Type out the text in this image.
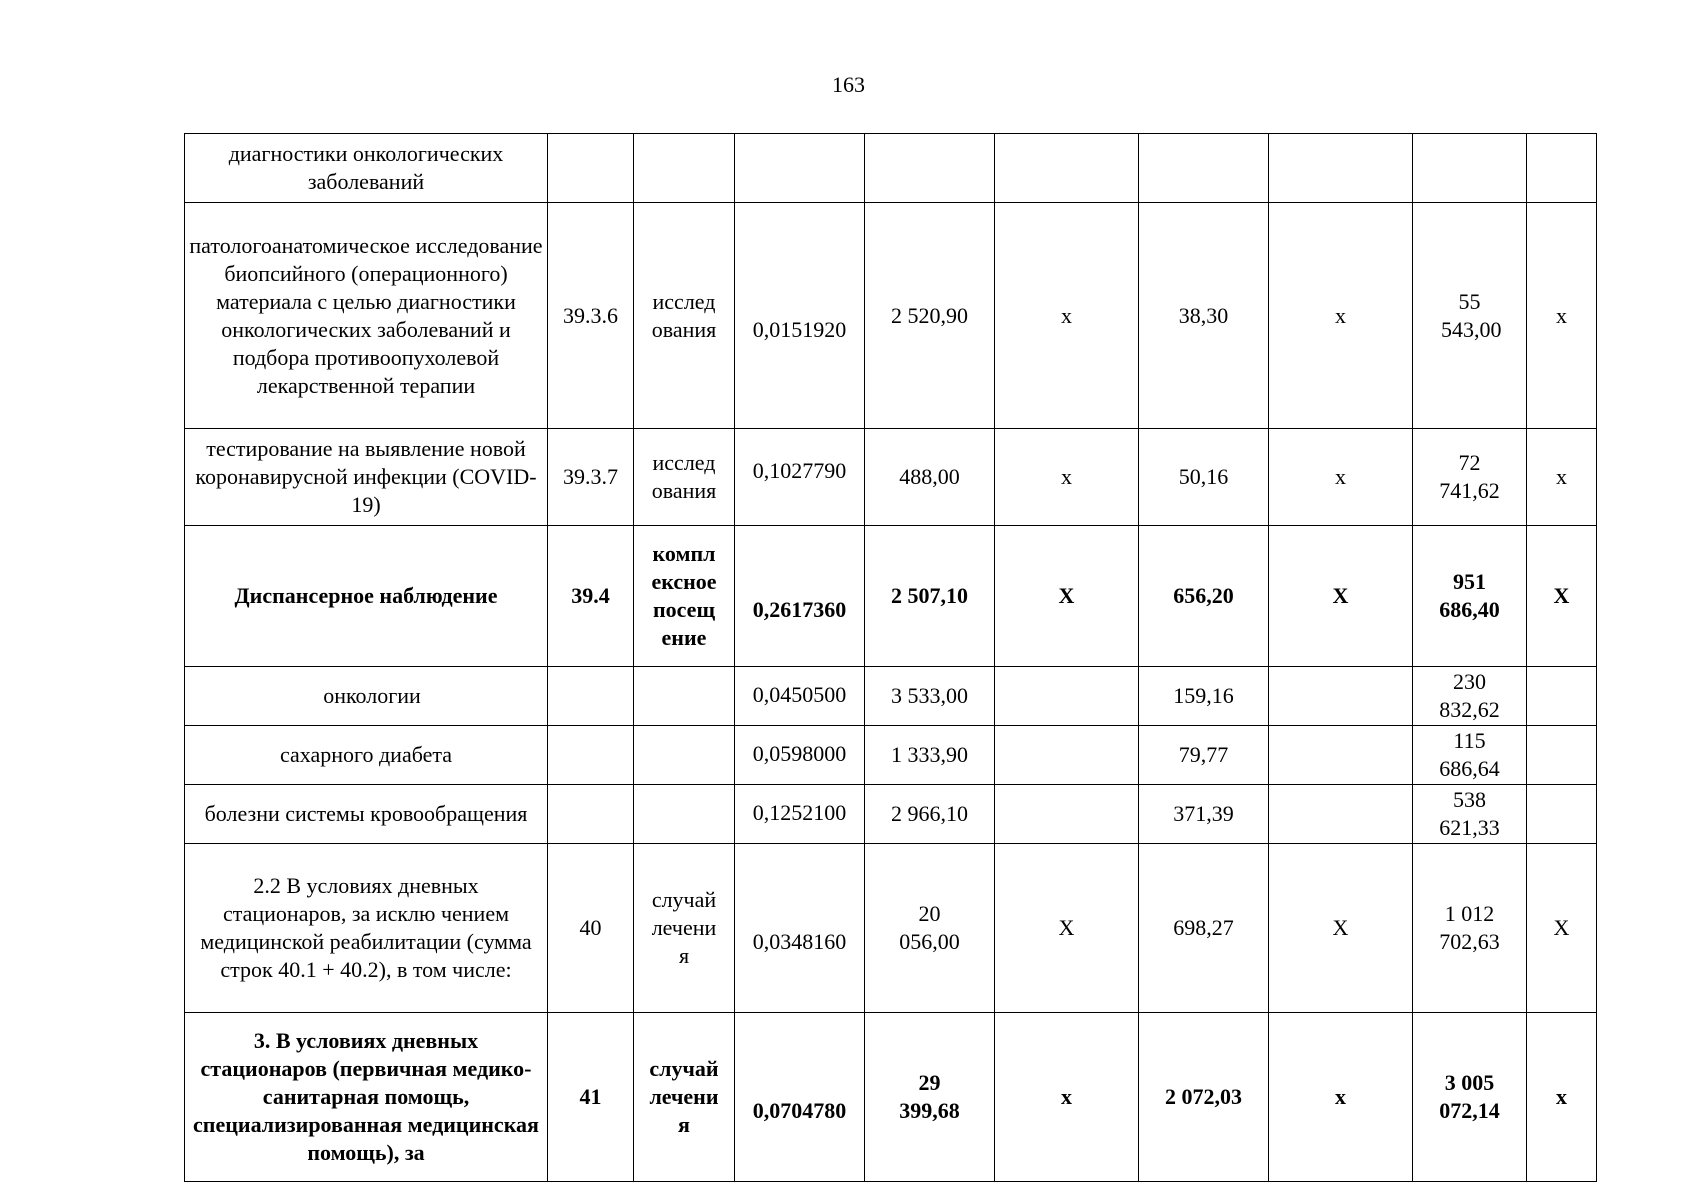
163
диагностики онкологических заболеваний									
патологоанатомическое исследование биопсийного (операционного) материала с целью диагностики онкологических заболеваний и подбора противоопухолевой лекарственной терапии	39.3.6	исслед ования	0,0151920	2 520,90	х	38,30	х	55 543,00	х
тестирование на выявление новой коронавирусной инфекции (COVID-19)	39.3.7	исслед ования	0,1027790	488,00	х	50,16	х	72 741,62	х
Диспансерное наблюдение	39.4	компл ексное посещ ение	0,2617360	2 507,10	Х	656,20	Х	951 686,40	Х
онкологии			0,0450500	3 533,00		159,16		230 832,62	
сахарного диабета			0,0598000	1 333,90		79,77		115 686,64	
болезни системы кровообращения			0,1252100	2 966,10		371,39		538 621,33	
2.2 В условиях дневных стационаров, за исклю чением медицинской реабилитации (сумма строк 40.1 + 40.2), в том числе:	40	случай лечени я	0,0348160	20 056,00	Х	698,27	Х	1 012 702,63	Х
3. В условиях дневных стационаров (первичная медико-санитарная помощь, специализированная медицинская помощь), за	41	случай лечени я	0,0704780	29 399,68	х	2 072,03	х	3 005 072,14	х
